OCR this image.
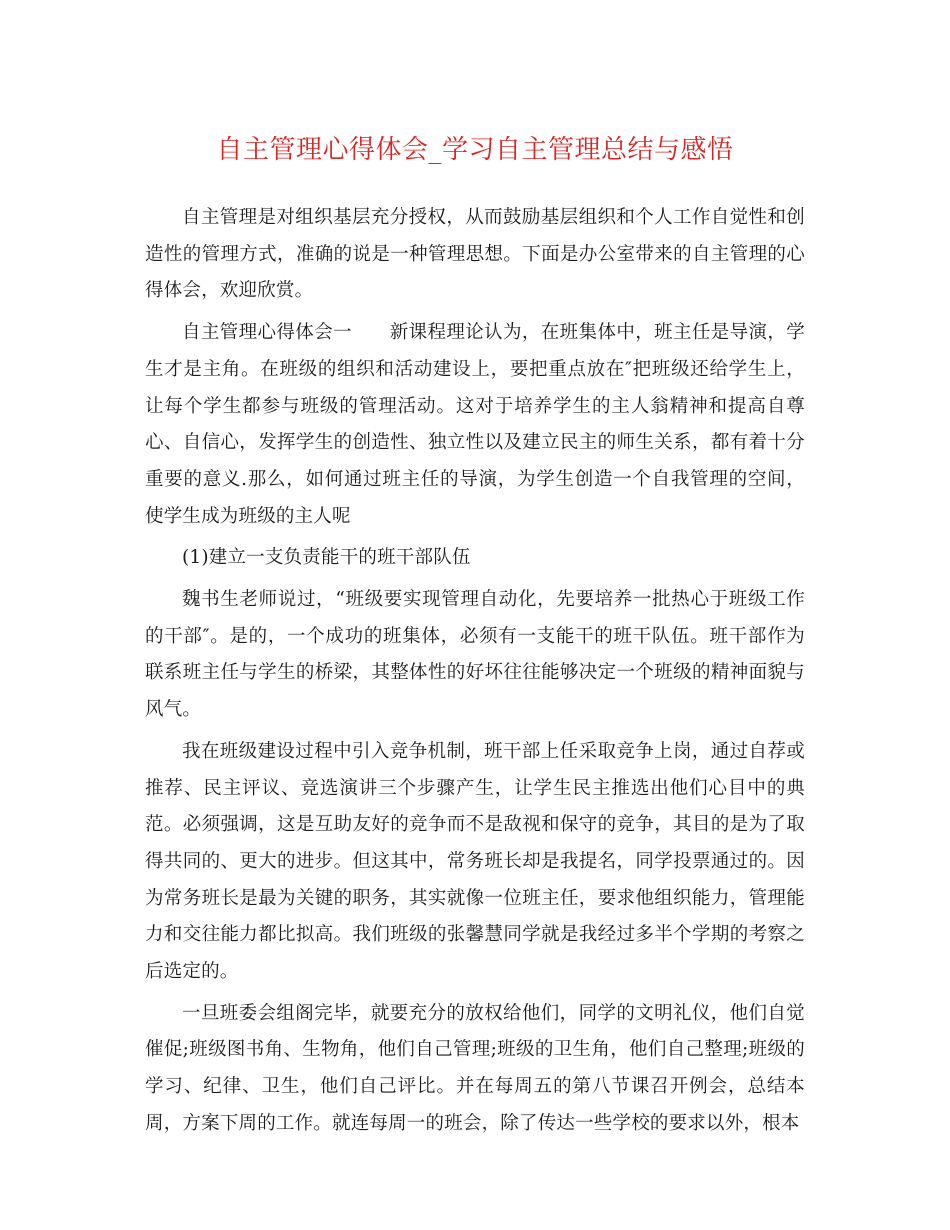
自主管理心得体会_学习自主管理总结与感悟

自主管理是对组织基层充分授权，从而鼓励基层组织和个人工作自觉性和创造性的管理方式，准确的说是一种管理思想。下面是办公室带来的自主管理的心得体会，欢迎欣赏。

自主管理心得体会一　　新课程理论认为，在班集体中，班主任是导演，学生才是主角。在班级的组织和活动建设上，要把重点放在″把班级还给学生上，让每个学生都参与班级的管理活动。这对于培养学生的主人翁精神和提高自尊心、自信心，发挥学生的创造性、独立性以及建立民主的师生关系，都有着十分重要的意义.那么，如何通过班主任的导演，为学生创造一个自我管理的空间，使学生成为班级的主人呢

(1)建立一支负责能干的班干部队伍

魏书生老师说过，“班级要实现管理自动化，先要培养一批热心于班级工作的干部″。是的，一个成功的班集体，必须有一支能干的班干队伍。班干部作为联系班主任与学生的桥梁，其整体性的好坏往往能够决定一个班级的精神面貌与风气。

我在班级建设过程中引入竞争机制，班干部上任采取竞争上岗，通过自荐或推荐、民主评议、竞选演讲三个步骤产生，让学生民主推选出他们心目中的典范。必须强调，这是互助友好的竞争而不是敌视和保守的竞争，其目的是为了取得共同的、更大的进步。但这其中，常务班长却是我提名，同学投票通过的。因为常务班长是最为关键的职务，其实就像一位班主任，要求他组织能力，管理能力和交往能力都比拟高。我们班级的张馨慧同学就是我经过多半个学期的考察之后选定的。

一旦班委会组阁完毕，就要充分的放权给他们，同学的文明礼仪，他们自觉催促;班级图书角、生物角，他们自己管理;班级的卫生角，他们自己整理;班级的学习、纪律、卫生，他们自己评比。并在每周五的第八节课召开例会，总结本周，方案下周的工作。就连每周一的班会，除了传达一些学校的要求以外，根本
